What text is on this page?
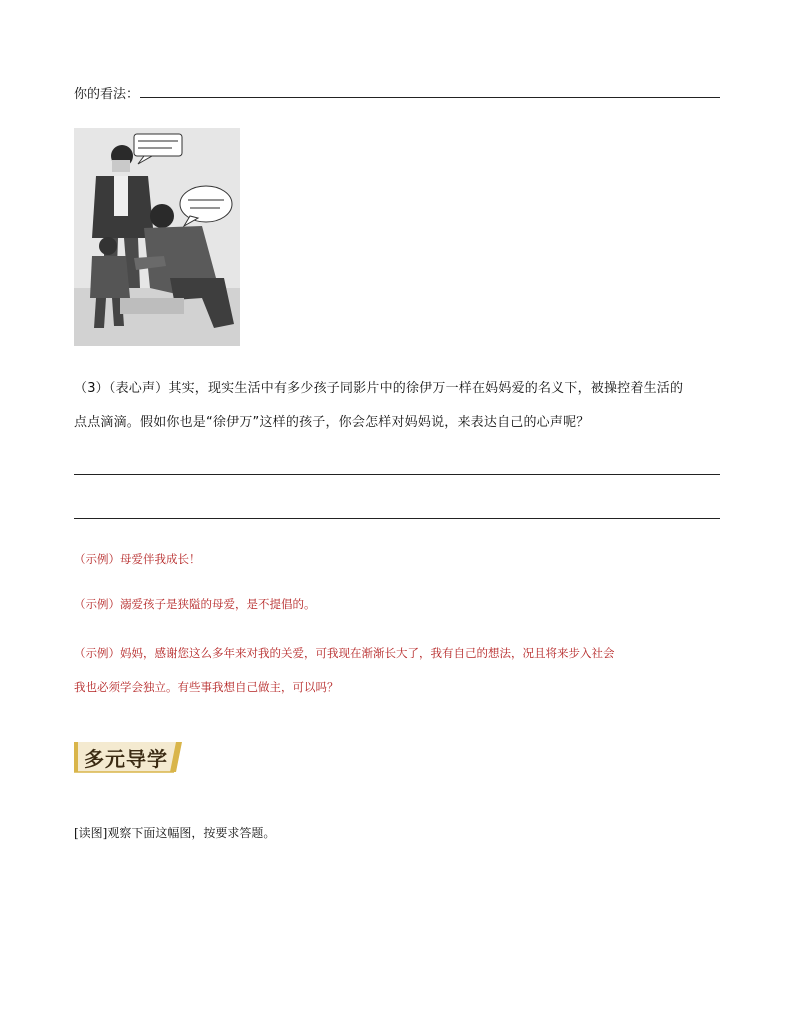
你的看法：
（3）（表心声）其实，现实生活中有多少孩子同影片中的徐伊万一样在妈妈爱的名义下，被操控着生活的
点点滴滴。假如你也是“徐伊万”这样的孩子，你会怎样对妈妈说，来表达自己的心声呢？
（示例）母爱伴我成长！
（示例）溺爱孩子是狭隘的母爱，是不提倡的。
（示例）妈妈，感谢您这么多年来对我的关爱，可我现在渐渐长大了，我有自己的想法，况且将来步入社会
我也必须学会独立。有些事我想自己做主，可以吗？
多元导学
[读图]观察下面这幅图，按要求答题。
